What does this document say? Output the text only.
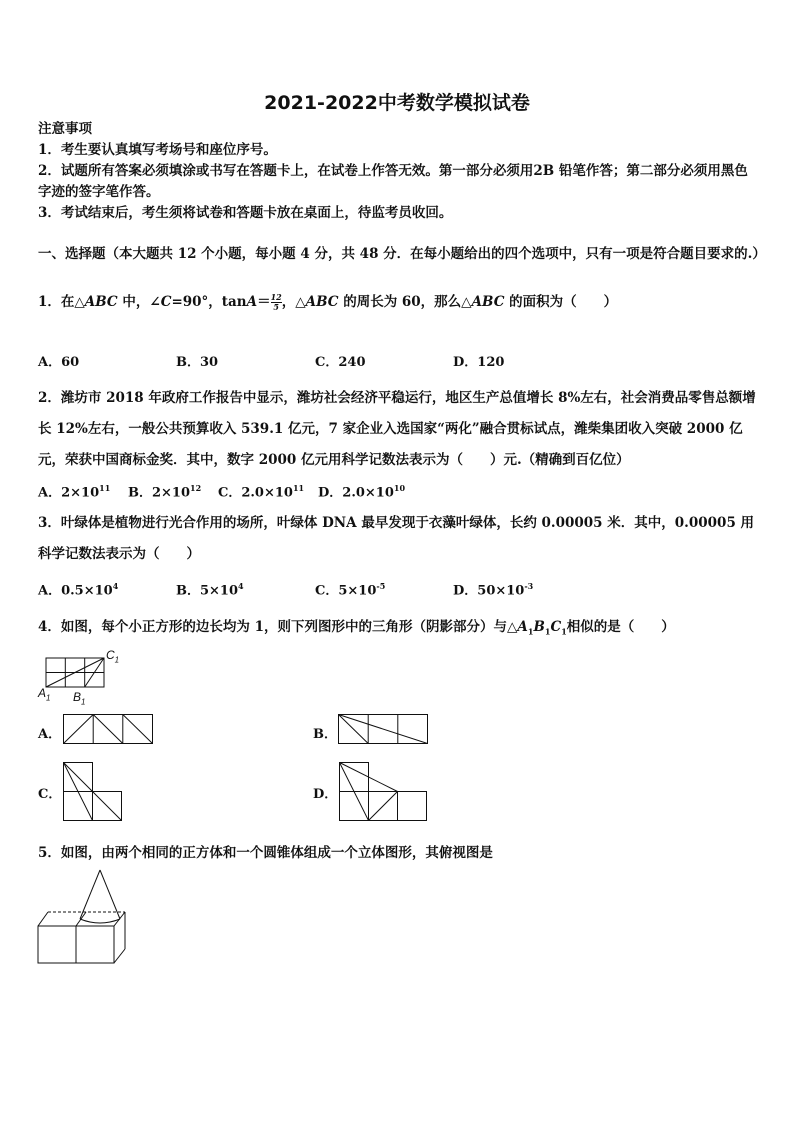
2021-2022中考数学模拟试卷
注意事项
1．考生要认真填写考场号和座位序号。
2．试题所有答案必须填涂或书写在答题卡上，在试卷上作答无效。第一部分必须用2B 铅笔作答；第二部分必须用黑色字迹的签字笔作答。
3．考试结束后，考生须将试卷和答题卡放在桌面上，待监考员收回。
一、选择题（本大题共 12 个小题，每小题 4 分，共 48 分．在每小题给出的四个选项中，只有一项是符合题目要求的.）
1．在△ABC 中，∠C=90°，$\tan A= \frac{12}{5}$ ，△ABC 的周长为 60，那么△ABC 的面积为（　　）
A．60	B．30	C．240	D．120
2．潍坊市 2018 年政府工作报告中显示，潍坊社会经济平稳运行，地区生产总值增长 8%左右，社会消费品零售总额增长 12%左右，一般公共预算收入 539.1 亿元，7 家企业入选国家“两化”融合贯标试点，潍柴集团收入突破 2000 亿元，荣获中国商标金奖．其中，数字 2000 亿元用科学记数法表示为（　　）元.（精确到百亿位）
A．$2\times 10^{11}$ B．$2\times 10^{12}$ C．$2.0\times 10^{11}$ D．$2.0\times 10^{10}$
3．叶绿体是植物进行光合作用的场所，叶绿体 DNA 最早发现于衣藻叶绿体，长约 0.00005 米．其中，0.00005 用科学记数法表示为（　　）
A．$0.5\times 10^4$	B．$5\times 10^4$	C．$5\times 10^{-5}$	D．$50\times 10^{-3}$
4．如图，每个小正方形的边长均为 1，则下列图形中的三角形（阴影部分）与$\triangle A_1B_1C_1$相似的是（　　）
$C_1$
$A_1$ $B_1$
A．	B．
C．	D．
5．如图，由两个相同的正方体和一个圆锥体组成一个立体图形，其俯视图是
